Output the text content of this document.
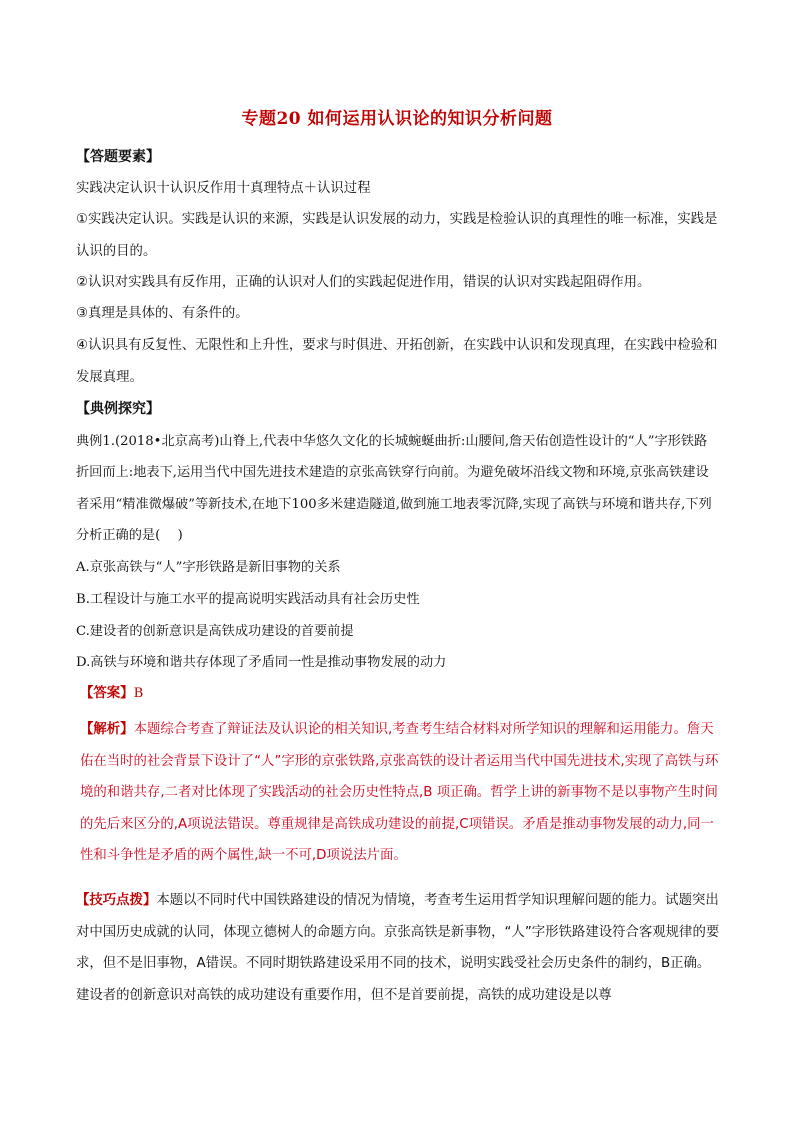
专题20 如何运用认识论的知识分析问题
【答题要素】
实践决定认识十认识反作用十真理特点＋认识过程
①实践决定认识。实践是认识的来源，实践是认识发展的动力，实践是检验认识的真理性的唯一标准，实践是认识的目的。
②认识对实践具有反作用，正确的认识对人们的实践起促进作用，错误的认识对实践起阻碍作用。
③真理是具体的、有条件的。
④认识具有反复性、无限性和上升性，要求与时俱进、开拓创新，在实践中认识和发现真理，在实践中检验和发展真理。
【典例探究】
典例1.(2018•北京高考)山脊上,代表中华悠久文化的长城蜿蜒曲折:山腰间,詹天佑创造性设计的“人”字形铁路折回而上:地表下,运用当代中国先进技术建造的京张高铁穿行向前。为避免破坏沿线文物和环境,京张高铁建设者采用“精准微爆破”等新技术,在地下100多米建造隧道,做到施工地表零沉降,实现了高铁与环境和谐共存,下列分析正确的是(　 )
A.京张高铁与“人”字形铁路是新旧事物的关系
B.工程设计与施工水平的提高说明实践活动具有社会历史性
C.建设者的创新意识是高铁成功建设的首要前提
D.高铁与环境和谐共存体现了矛盾同一性是推动事物发展的动力
【答案】B
【解析】本题综合考查了辩证法及认识论的相关知识,考查考生结合材料对所学知识的理解和运用能力。詹天佑在当时的社会背景下设计了“人”字形的京张铁路,京张高铁的设计者运用当代中国先进技术,实现了高铁与环境的和谐共存,二者对比体现了实践活动的社会历史性特点,B 项正确。哲学上讲的新事物不是以事物产生时间的先后来区分的,A项说法错误。尊重规律是高铁成功建设的前提,C项错误。矛盾是推动事物发展的动力,同一性和斗争性是矛盾的两个属性,缺一不可,D项说法片面。
【技巧点拨】本题以不同时代中国铁路建设的情况为情境，考查考生运用哲学知识理解问题的能力。试题突出对中国历史成就的认同，体现立德树人的命题方向。京张高铁是新事物，“人”字形铁路建设符合客观规律的要求，但不是旧事物，A错误。不同时期铁路建设采用不同的技术，说明实践受社会历史条件的制约，B正确。建设者的创新意识对高铁的成功建设有重要作用，但不是首要前提，高铁的成功建设是以尊
